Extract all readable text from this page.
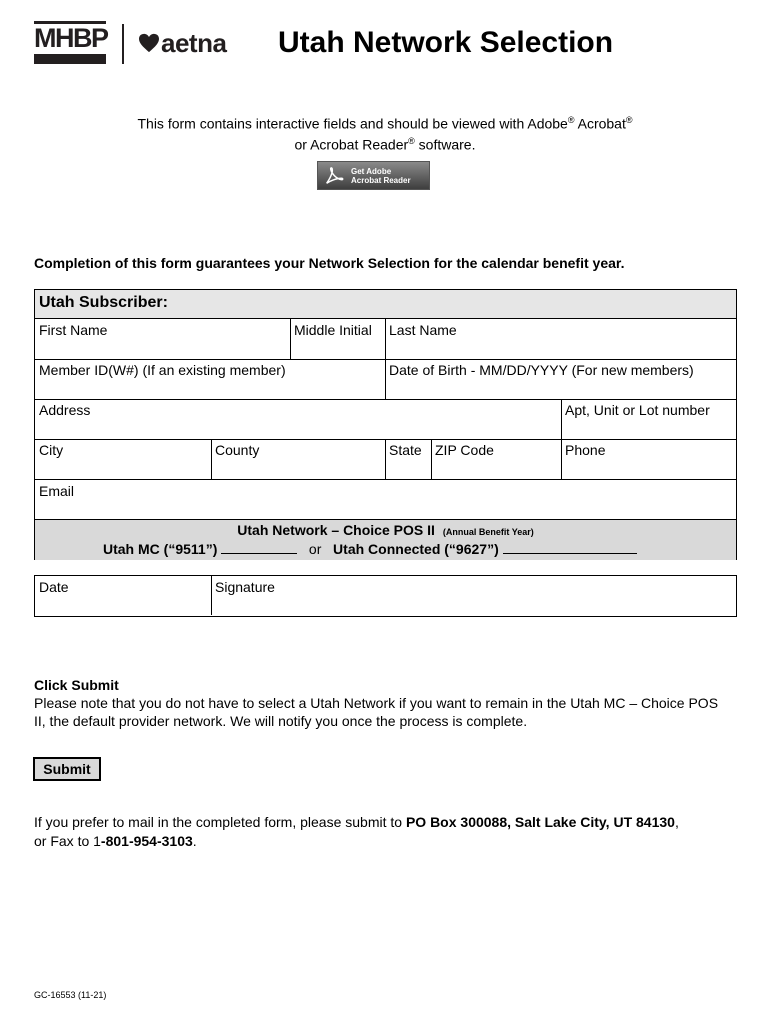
MHBP aetna Utah Network Selection
This form contains interactive fields and should be viewed with Adobe® Acrobat®
or Acrobat Reader® software.
Get Adobe
Acrobat Reader
Completion of this form guarantees your Network Selection for the calendar benefit year.
Utah Subscriber:
First Name	Middle Initial Last Name
Member ID(W#) (If an existing member)	Date of Birth - MM/DD/YYYY (For new members)
Address	Apt, Unit or Lot number
City	County	State ZIP Code	Phone
Email
Utah Network – Choice POS II (Annual Benefit Year)
Utah MC (“9511”)	or Utah Connected (“9627”)
Date	Signature
Click Submit
Please note that you do not have to select a Utah Network if you want to remain in the Utah MC – Choice POS II, the default provider network. We will notify you once the process is complete.
Submit
If you prefer to mail in the completed form, please submit to PO Box 300088, Salt Lake City, UT 84130,
or Fax to 1-801-954-3103.
GC-16553 (11-21)
